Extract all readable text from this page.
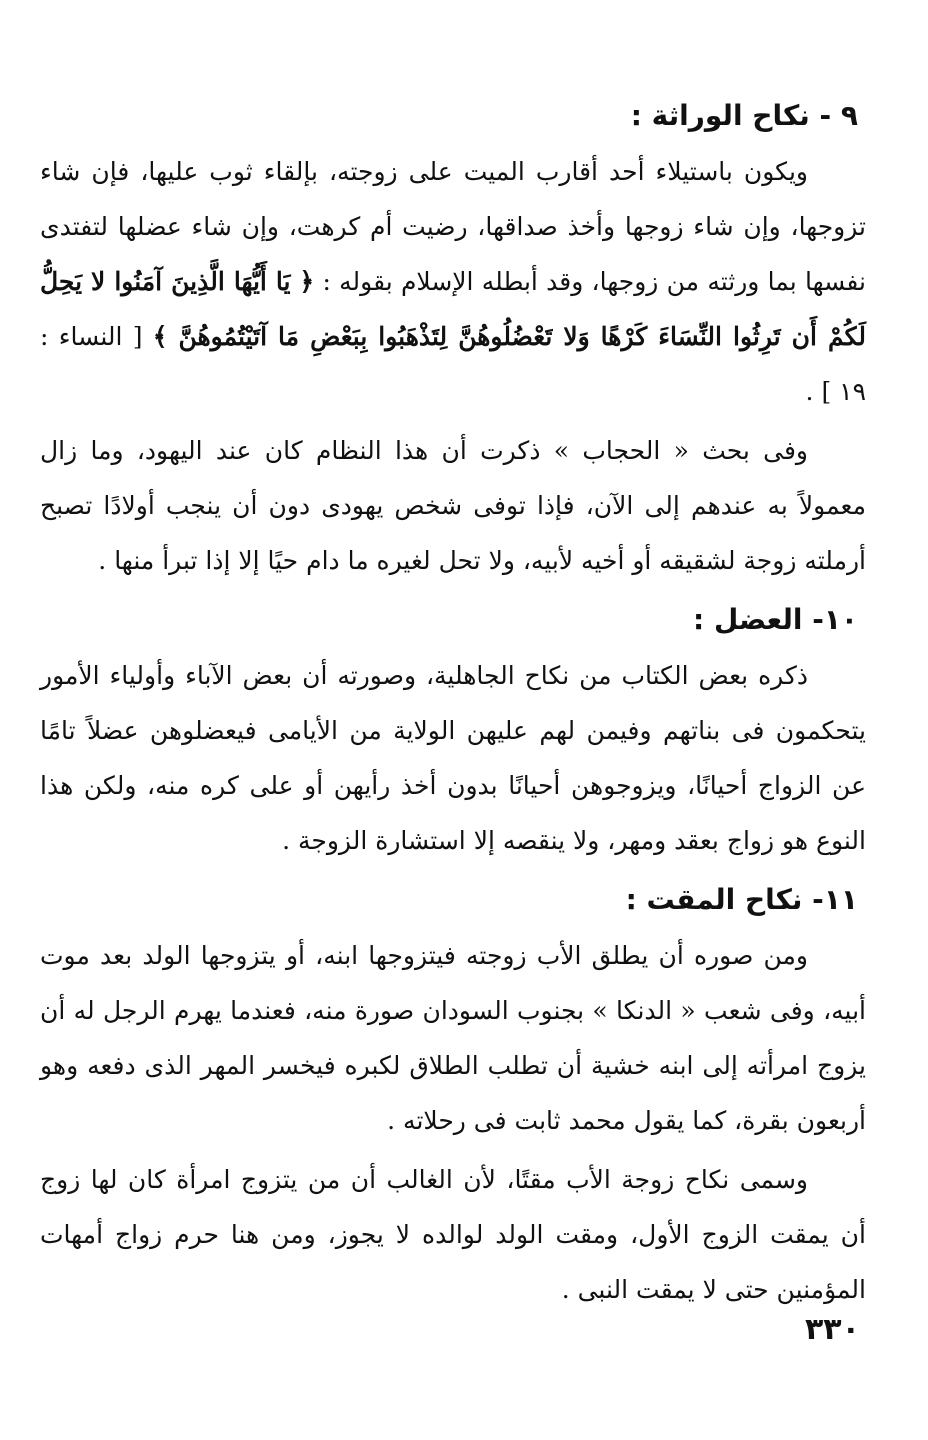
٩ - نكاح الوراثة :

ويكون باستيلاء أحد أقارب الميت على زوجته، بإلقاء ثوب عليها، فإن شاء تزوجها، وإن شاء زوجها وأخذ صداقها، رضيت أم كرهت، وإن شاء عضلها لتفتدى نفسها بما ورثته من زوجها، وقد أبطله الإسلام بقوله : ﴿ يَا أَيُّهَا الَّذِينَ آمَنُوا لا يَحِلُّ لَكُمْ أَن تَرِثُوا النِّسَاءَ كَرْهًا وَلا تَعْضُلُوهُنَّ لِتَذْهَبُوا بِبَعْضِ مَا آتَيْتُمُوهُنَّ ﴾ [ النساء : ١٩ ] .

وفى بحث « الحجاب » ذكرت أن هذا النظام كان عند اليهود، وما زال معمولاً به عندهم إلى الآن، فإذا توفى شخص يهودى دون أن ينجب أولادًا تصبح أرملته زوجة لشقيقه أو أخيه لأبيه، ولا تحل لغيره ما دام حيًا إلا إذا تبرأ منها .

١٠- العضل :

ذكره بعض الكتاب من نكاح الجاهلية، وصورته أن بعض الآباء وأولياء الأمور يتحكمون فى بناتهم وفيمن لهم عليهن الولاية من الأيامى فيعضلوهن عضلاً تامًا عن الزواج أحيانًا، ويزوجوهن أحيانًا بدون أخذ رأيهن أو على كره منه، ولكن هذا النوع هو زواج بعقد ومهر، ولا ينقصه إلا استشارة الزوجة .

١١- نكاح المقت :

ومن صوره أن يطلق الأب زوجته فيتزوجها ابنه، أو يتزوجها الولد بعد موت أبيه، وفى شعب « الدنكا » بجنوب السودان صورة منه، فعندما يهرم الرجل له أن يزوج امرأته إلى ابنه خشية أن تطلب الطلاق لكبره فيخسر المهر الذى دفعه وهو أربعون بقرة، كما يقول محمد ثابت فى رحلاته .

وسمى نكاح زوجة الأب مقتًا، لأن الغالب أن من يتزوج امرأة كان لها زوج أن يمقت الزوج الأول، ومقت الولد لوالده لا يجوز، ومن هنا حرم زواج أمهات المؤمنين حتى لا يمقت النبى .

٣٣٠
